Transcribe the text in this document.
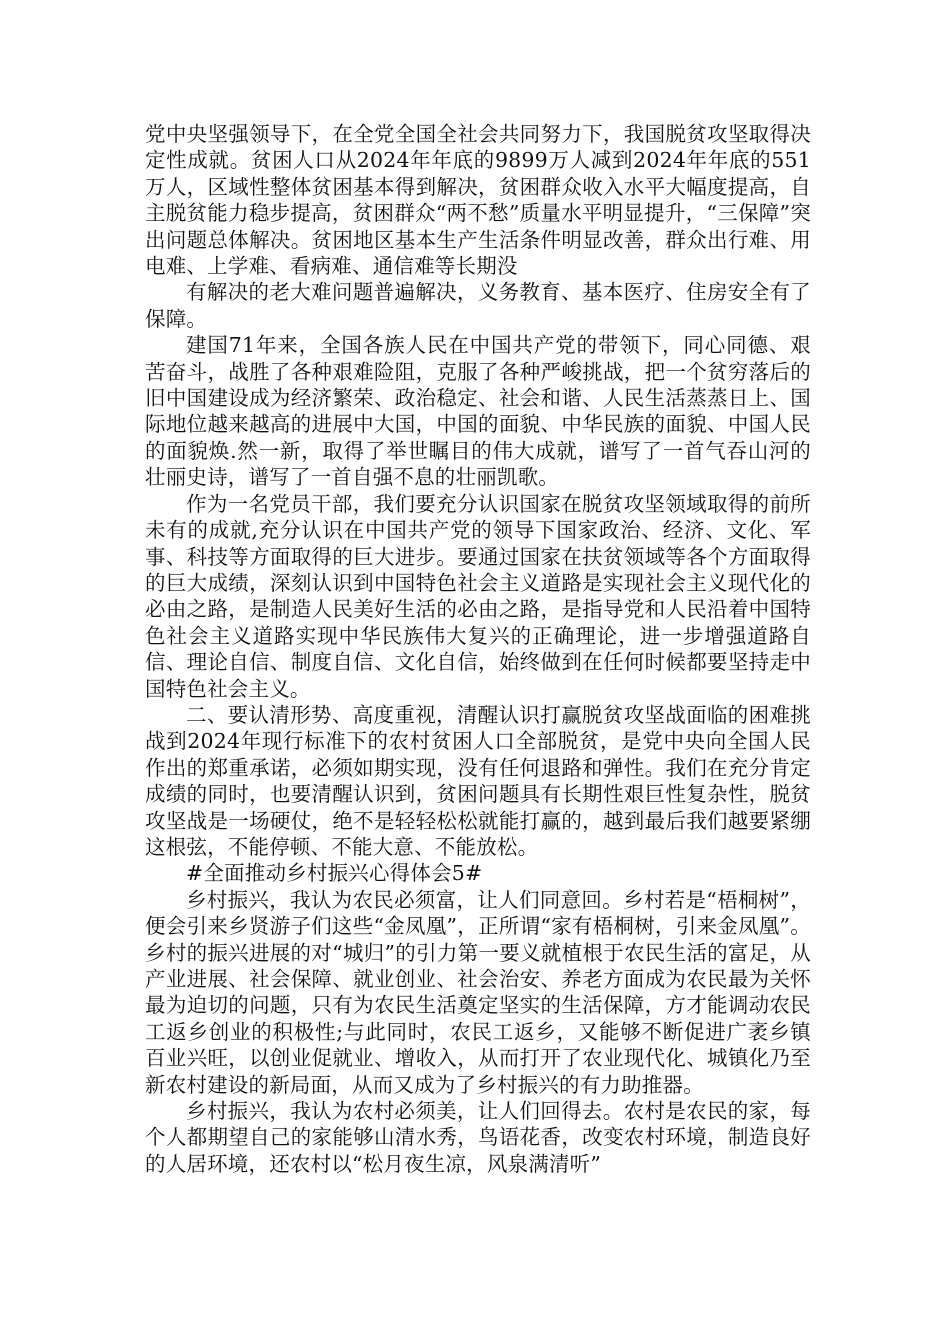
党中央坚强领导下，在全党全国全社会共同努力下，我国脱贫攻坚取得决定性成就。贫困人口从2024年年底的9899万人减到2024年年底的551万人，区域性整体贫困基本得到解决，贫困群众收入水平大幅度提高，自主脱贫能力稳步提高，贫困群众“两不愁”质量水平明显提升，“三保障”突出问题总体解决。贫困地区基本生产生活条件明显改善，群众出行难、用电难、上学难、看病难、通信难等长期没

有解决的老大难问题普遍解决，义务教育、基本医疗、住房安全有了保障。

建国71年来，全国各族人民在中国共产党的带领下，同心同德、艰苦奋斗，战胜了各种艰难险阻，克服了各种严峻挑战，把一个贫穷落后的旧中国建设成为经济繁荣、政治稳定、社会和谐、人民生活蒸蒸日上、国际地位越来越高的进展中大国，中国的面貌、中华民族的面貌、中国人民的面貌焕.然一新，取得了举世瞩目的伟大成就，谱写了一首气吞山河的壮丽史诗，谱写了一首自强不息的壮丽凯歌。

作为一名党员干部，我们要充分认识国家在脱贫攻坚领域取得的前所未有的成就,充分认识在中国共产党的领导下国家政治、经济、文化、军事、科技等方面取得的巨大进步。要通过国家在扶贫领域等各个方面取得的巨大成绩，深刻认识到中国特色社会主义道路是实现社会主义现代化的必由之路，是制造人民美好生活的必由之路，是指导党和人民沿着中国特色社会主义道路实现中华民族伟大复兴的正确理论，进一步增强道路自信、理论自信、制度自信、文化自信，始终做到在任何时候都要坚持走中国特色社会主义。

二、要认清形势、高度重视，清醒认识打赢脱贫攻坚战面临的困难挑战到2024年现行标准下的农村贫困人口全部脱贫，是党中央向全国人民作出的郑重承诺，必须如期实现，没有任何退路和弹性。我们在充分肯定成绩的同时，也要清醒认识到，贫困问题具有长期性艰巨性复杂性，脱贫攻坚战是一场硬仗，绝不是轻轻松松就能打赢的，越到最后我们越要紧绷这根弦，不能停顿、不能大意、不能放松。

#全面推动乡村振兴心得体会5#

乡村振兴，我认为农民必须富，让人们同意回。乡村若是“梧桐树”，便会引来乡贤游子们这些“金凤凰”，正所谓“家有梧桐树，引来金凤凰”。乡村的振兴进展的对“城归”的引力第一要义就植根于农民生活的富足，从产业进展、社会保障、就业创业、社会治安、养老方面成为农民最为关怀最为迫切的问题，只有为农民生活奠定坚实的生活保障，方才能调动农民工返乡创业的积极性;与此同时，农民工返乡，又能够不断促进广袤乡镇百业兴旺，以创业促就业、增收入，从而打开了农业现代化、城镇化乃至新农村建设的新局面，从而又成为了乡村振兴的有力助推器。

乡村振兴，我认为农村必须美，让人们回得去。农村是农民的家，每个人都期望自己的家能够山清水秀，鸟语花香，改变农村环境，制造良好的人居环境，还农村以“松月夜生凉，风泉满清听”
